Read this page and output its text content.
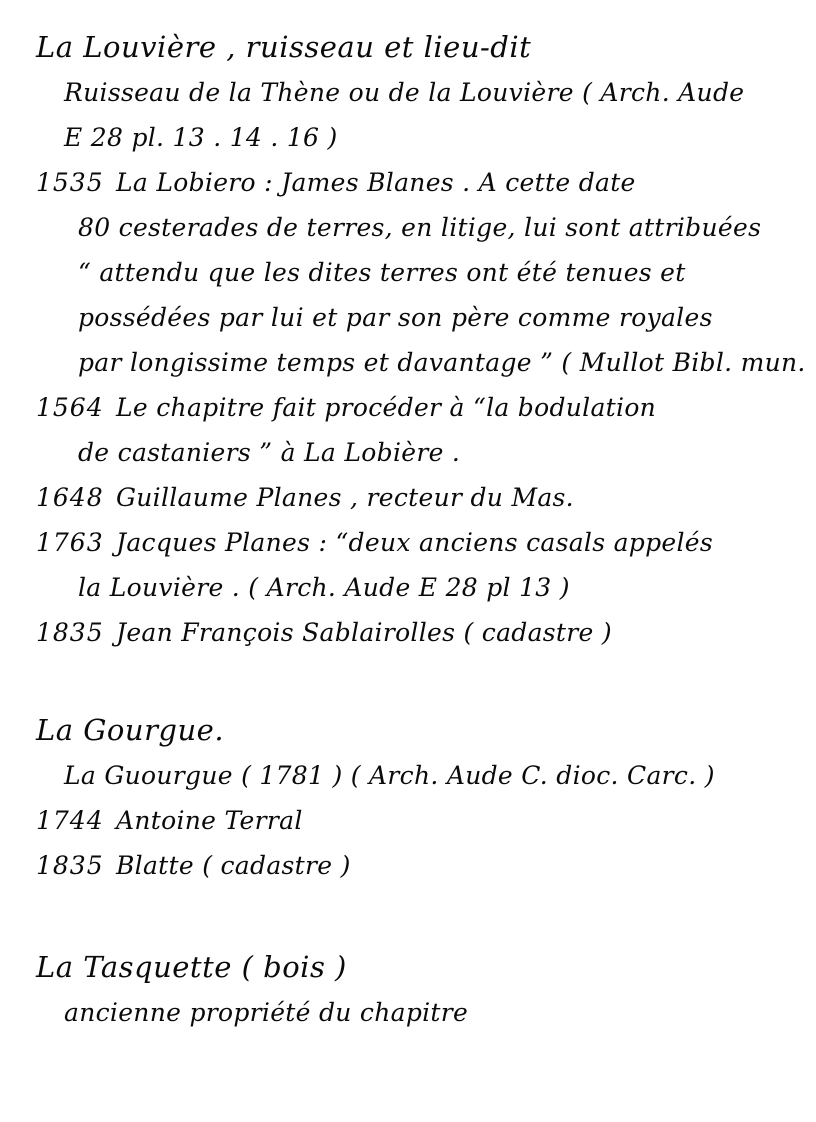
La Louvière , ruisseau et lieu-dit
Ruisseau de la Thène ou de la Louvière ( Arch. Aude
E 28 pl. 13 . 14 . 16 )
1535 La Lobiero : James Blanes . A cette date
80 cesterades de terres, en litige, lui sont attribuées
“ attendu que les dites terres ont été tenues et
possédées par lui et par son père comme royales
par longissime temps et davantage ” ( Mullot Bibl. mun.
1564 Le chapitre fait procéder à “la bodulation
de castaniers ” à La Lobière .
1648 Guillaume Planes , recteur du Mas.
1763 Jacques Planes : “deux anciens casals appelés
la Louvière . ( Arch. Aude E 28 pl 13 )
1835 Jean François Sablairolles ( cadastre )
La Gourgue.
La Guourgue ( 1781 ) ( Arch. Aude C. dioc. Carc. )
1744 Antoine Terral
1835 Blatte ( cadastre )
La Tasquette ( bois )
ancienne propriété du chapitre
